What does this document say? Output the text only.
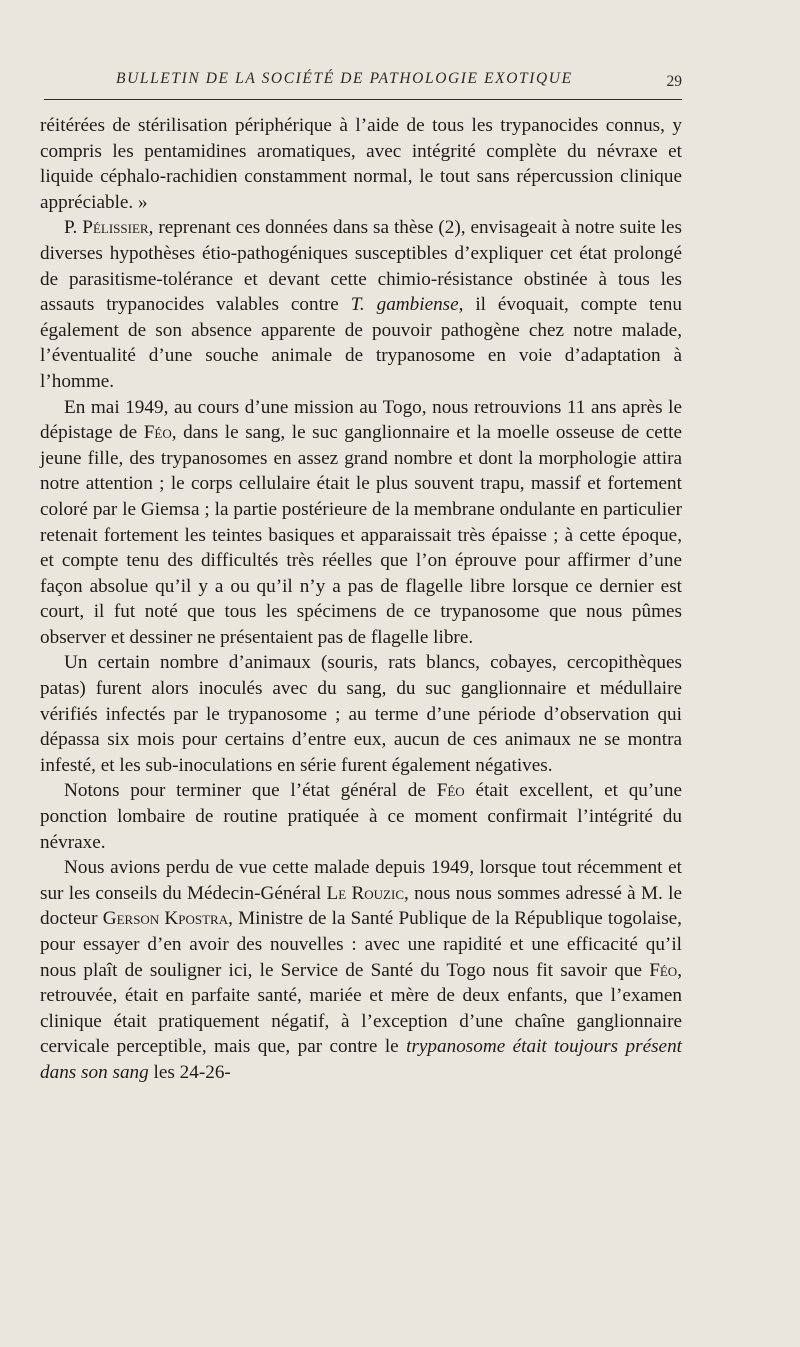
BULLETIN DE LA SOCIÉTÉ DE PATHOLOGIE EXOTIQUE	29

réitérées de stérilisation périphérique à l’aide de tous les trypanocides connus, y compris les pentamidines aromatiques, avec intégrité complète du névraxe et liquide céphalo-rachidien constamment normal, le tout sans répercussion clinique appréciable. »

P. Pélissier, reprenant ces données dans sa thèse (2), envisageait à notre suite les diverses hypothèses étio-pathogéniques susceptibles d’expliquer cet état prolongé de parasitisme-tolérance et devant cette chimio-résistance obstinée à tous les assauts trypanocides valables contre T. gambiense, il évoquait, compte tenu également de son absence apparente de pouvoir pathogène chez notre malade, l’éventualité d’une souche animale de trypanosome en voie d’adaptation à l’homme.

En mai 1949, au cours d’une mission au Togo, nous retrouvions 11 ans après le dépistage de Féo, dans le sang, le suc ganglionnaire et la moelle osseuse de cette jeune fille, des trypanosomes en assez grand nombre et dont la morphologie attira notre attention ; le corps cellulaire était le plus souvent trapu, massif et fortement coloré par le Giemsa ; la partie postérieure de la membrane ondulante en particulier retenait fortement les teintes basiques et apparaissait très épaisse ; à cette époque, et compte tenu des difficultés très réelles que l’on éprouve pour affirmer d’une façon absolue qu’il y a ou qu’il n’y a pas de flagelle libre lorsque ce dernier est court, il fut noté que tous les spécimens de ce trypanosome que nous pûmes observer et dessiner ne présentaient pas de flagelle libre.

Un certain nombre d’animaux (souris, rats blancs, cobayes, cercopithèques patas) furent alors inoculés avec du sang, du suc ganglionnaire et médullaire vérifiés infectés par le trypanosome ; au terme d’une période d’observation qui dépassa six mois pour certains d’entre eux, aucun de ces animaux ne se montra infesté, et les sub-inoculations en série furent également négatives.

Notons pour terminer que l’état général de Féo était excellent, et qu’une ponction lombaire de routine pratiquée à ce moment confirmait l’intégrité du névraxe.

Nous avions perdu de vue cette malade depuis 1949, lorsque tout récemment et sur les conseils du Médecin-Général Le Rouzic, nous nous sommes adressé à M. le docteur Gerson Kpostra, Ministre de la Santé Publique de la République togolaise, pour essayer d’en avoir des nouvelles : avec une rapidité et une efficacité qu’il nous plaît de souligner ici, le Service de Santé du Togo nous fit savoir que Féo, retrouvée, était en parfaite santé, mariée et mère de deux enfants, que l’examen clinique était pratiquement négatif, à l’exception d’une chaîne ganglionnaire cervicale perceptible, mais que, par contre le trypanosome était toujours présent dans son sang les 24-26-
